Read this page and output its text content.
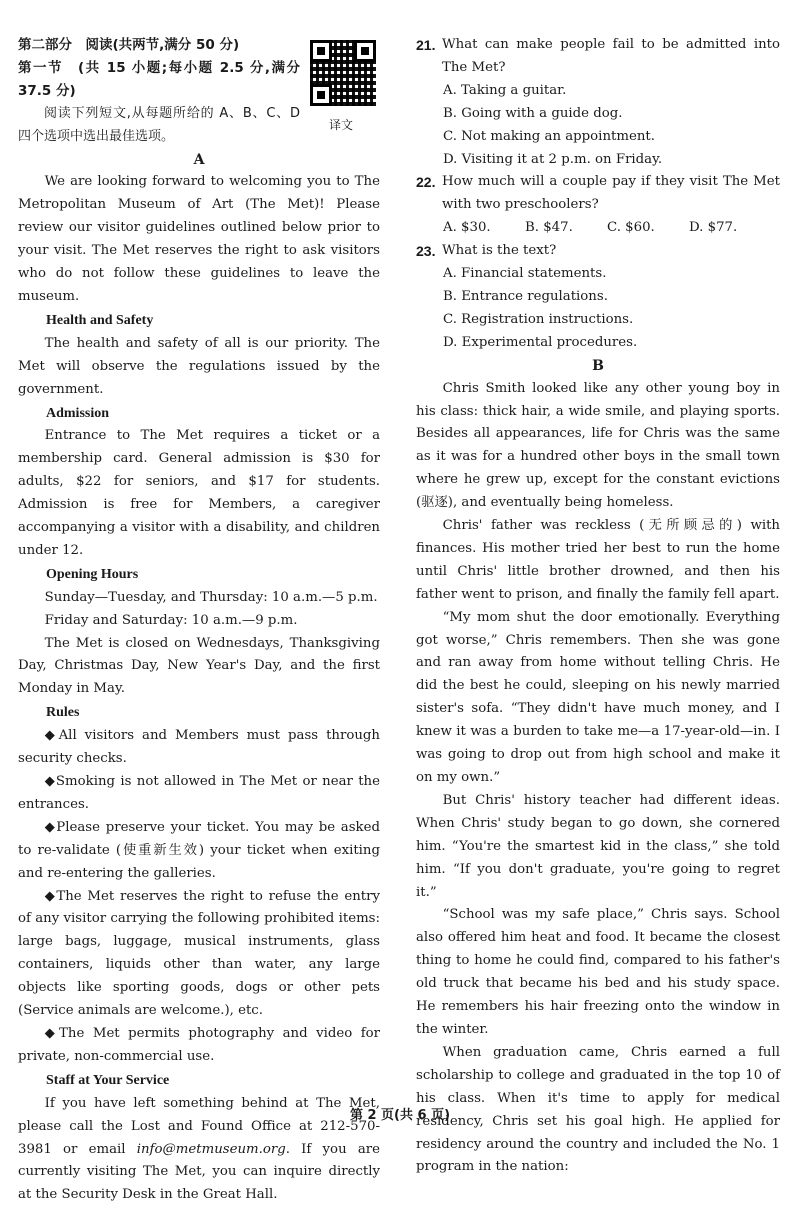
译文

第二部分　阅读(共两节,满分 50 分)

第一节　(共 15 小题;每小题 2.5 分,满分 37.5 分)

阅读下列短文,从每题所给的 A、B、C、D 四个选项中选出最佳选项。

A

We are looking forward to welcoming you to The Metropolitan Museum of Art (The Met)! Please review our visitor guidelines outlined below prior to your visit. The Met reserves the right to ask visitors who do not follow these guidelines to leave the museum.

Health and Safety

The health and safety of all is our priority. The Met will observe the regulations issued by the government.

Admission

Entrance to The Met requires a ticket or a membership card. General admission is $30 for adults, $22 for seniors, and $17 for students. Admission is free for Members, a caregiver accompanying a visitor with a disability, and children under 12.

Opening Hours

Sunday—Tuesday, and Thursday: 10 a.m.—5 p.m.

Friday and Saturday: 10 a.m.—9 p.m.

The Met is closed on Wednesdays, Thanksgiving Day, Christmas Day, New Year's Day, and the first Monday in May.

Rules

◆All visitors and Members must pass through security checks.

◆Smoking is not allowed in The Met or near the entrances.

◆Please preserve your ticket. You may be asked to re-validate (使重新生效) your ticket when exiting and re-entering the galleries.

◆The Met reserves the right to refuse the entry of any visitor carrying the following prohibited items: large bags, luggage, musical instruments, glass containers, liquids other than water, any large objects like sporting goods, dogs or other pets (Service animals are welcome.), etc.

◆The Met permits photography and video for private, non-commercial use.

Staff at Your Service

If you have left something behind at The Met, please call the Lost and Found Office at 212-570-3981 or email info@metmuseum.org. If you are currently visiting The Met, you can inquire directly at the Security Desk in the Great Hall.

21. What can make people fail to be admitted into The Met?

A. Taking a guitar.

B. Going with a guide dog.

C. Not making an appointment.

D. Visiting it at 2 p.m. on Friday.

22. How much will a couple pay if they visit The Met with two preschoolers?
A. $30.	B. $47.	C. $60.	D. $77.
23. What is the text?

A. Financial statements.

B. Entrance regulations.

C. Registration instructions.

D. Experimental procedures.

B

Chris Smith looked like any other young boy in his class: thick hair, a wide smile, and playing sports. Besides all appearances, life for Chris was the same as it was for a hundred other boys in the small town where he grew up, except for the constant evictions (驱逐), and eventually being homeless.

Chris' father was reckless (无所顾忌的) with finances. His mother tried her best to run the home until Chris' little brother drowned, and then his father went to prison, and finally the family fell apart.

“My mom shut the door emotionally. Everything got worse,” Chris remembers. Then she was gone and ran away from home without telling Chris. He did the best he could, sleeping on his newly married sister's sofa. “They didn't have much money, and I knew it was a burden to take me—a 17-year-old—in. I was going to drop out from high school and make it on my own.”

But Chris' history teacher had different ideas. When Chris' study began to go down, she cornered him. “You're the smartest kid in the class,” she told him. “If you don't graduate, you're going to regret it.”

“School was my safe place,” Chris says. School also offered him heat and food. It became the closest thing to home he could find, compared to his father's old truck that became his bed and his study space. He remembers his hair freezing onto the window in the winter.

When graduation came, Chris earned a full scholarship to college and graduated in the top 10 of his class. When it's time to apply for medical residency, Chris set his goal high. He applied for residency around the country and included the No. 1 program in the nation:

第 2 页(共 6 页)
